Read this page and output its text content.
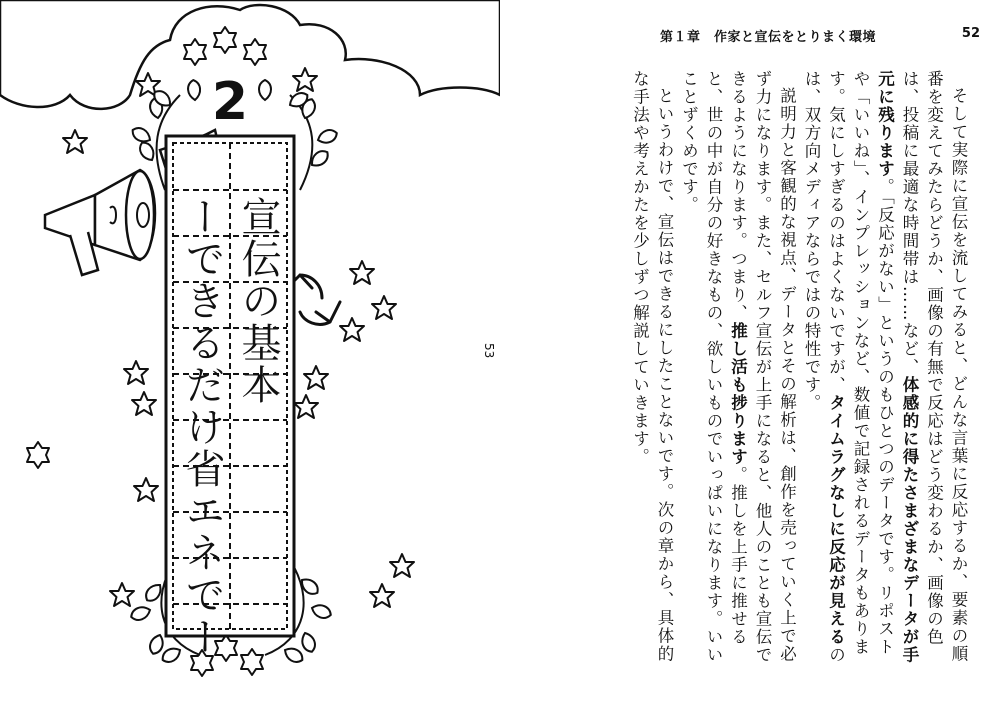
2
宣伝の基本
ーできるだけ省エネでー	53
第１章　作家と宣伝をとりまく環境	52

そして実際に宣伝を流してみると、どんな言葉に反応するか、要素の順番を変えてみたらどうか、画像の有無で反応はどう変わるか、画像の色は、投稿に最適な時間帯は……など、体感的に得たさまざまなデータが手元に残ります。「反応がない」というのもひとつのデータです。リポストや「いいね」、インプレッションなど、数値で記録されるデータもあります。気にしすぎるのはよくないですが、タイムラグなしに反応が見えるのは、双方向メディアならではの特性です。

説明力と客観的な視点、データとその解析は、創作を売っていく上で必ず力になります。また、セルフ宣伝が上手になると、他人のことも宣伝できるようになります。つまり、推し活も捗ります。推しを上手に推せると、世の中が自分の好きなもの、欲しいものでいっぱいになります。いいことずくめです。

というわけで、宣伝はできるにしたことないです。次の章から、具体的な手法や考えかたを少しずつ解説していきます。
